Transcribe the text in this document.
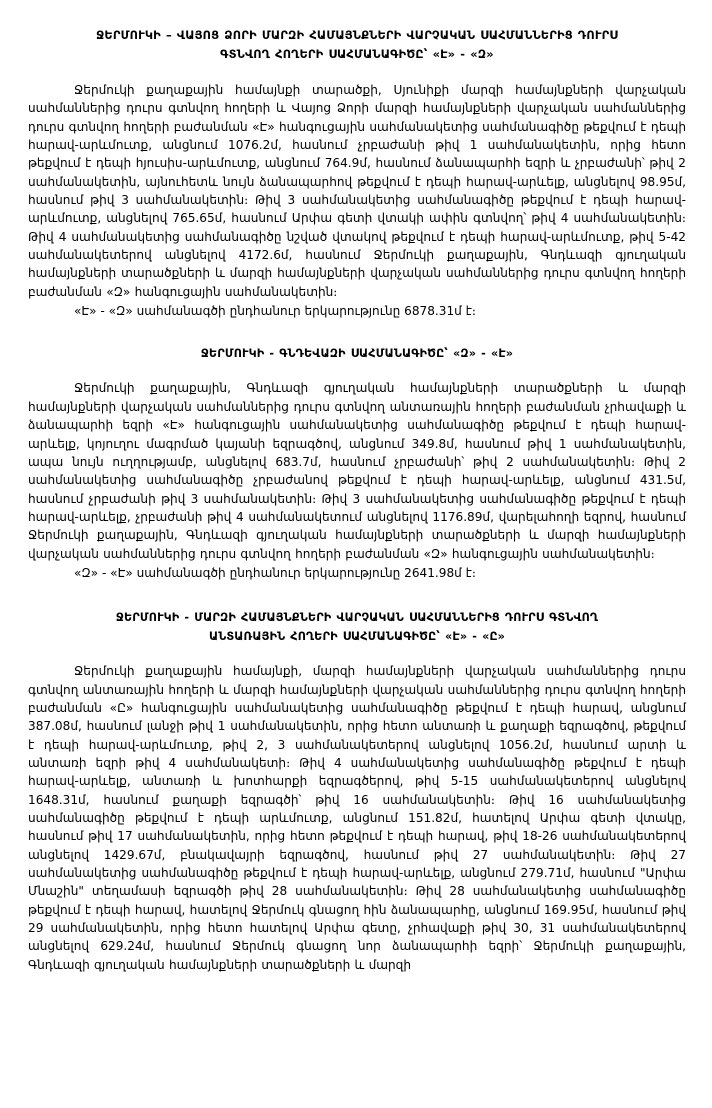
ՋԵՐՄՈՒԿԻ – ՎԱՅՈՑ ՁՈՐԻ ՄԱՐԶԻ ՀԱՄԱՅՆՔՆԵՐԻ ՎԱՐՉԱԿԱՆ ՍԱՀՄԱՆՆԵՐԻՑ ԴՈՒՐՍ
ԳՏՆՎՈՂ ՀՈՂԵՐԻ ՍԱՀՄԱՆԱԳԻԾԸ՝ «Է» - «Զ»

Ջերմուկի քաղաքային համայնքի տարածքի, Սյունիքի մարզի համայնքների վարչական սահմաններից դուրս գտնվող հողերի և Վայոց Ձորի մարզի համայնքների վարչական սահմաններից դուրս գտնվող հողերի բաժանման «Է» հանգուցային սահմանակետից սահմանագիծը թեքվում է դեպի հարավ-արևմուտք, անցնում 1076.2մ, հասնում չրբաժանի թիվ 1 սահմանակետին, որից հետո թեքվում է դեպի հյուսիս-արևմուտք, անցնում 764.9մ, հասնում ձանապարհի եզրի և չրբաժանի՝ թիվ 2 սահմանակետին, այնուհետև նույն ձանապարհով թեքվում է դեպի հարավ-արևելք, անցնելով 98.95մ, հասնում թիվ 3 սահմանակետին։ Թիվ 3 սահմանակետից սահմանագիծը թեքվում է դեպի հարավ-արևմուտք, անցնելով 765.65մ, հասնում Արփա գետի վտակի ափին գտնվող՝ թիվ 4 սահմանակետին։ Թիվ 4 սահմանակետից սահմանագիծը նշված վտակով թեքվում է դեպի հարավ-արևմուտք, թիվ 5-42 սահմանակետերով անցնելով 4172.6մ, հասնում Ջերմուկի քաղաքային, Գնդևազի գյուղական համայնքների տարածքների և մարզի համայնքների վարչական սահմաններից դուրս գտնվող հողերի բաժանման «Զ» հանգուցային սահմանակետին։

«Է» - «Զ» սահմանագծի ընդհանուր երկարությունը 6878.31մ է։

ՋԵՐՄՈՒԿԻ - ԳՆԴԵՎԱԶԻ ՍԱՀՄԱՆԱԳԻԾԸ՝ «Զ» - «Է»

Ջերմուկի քաղաքային, Գնդևազի գյուղական համայնքների տարածքների և մարզի համայնքների վարչական սահմաններից դուրս գտնվող անտառային հողերի բաժանման չրհավաքի և ձանապարհի եզրի «Է» հանգուցային սահմանակետից սահմանագիծը թեքվում է դեպի հարավ-արևելք, կոյուղու մագրմած կայանի եզրագծով, անցնում 349.8մ, հասնում թիվ 1 սահմանակետին, ապա նույն ուղղությամբ, անցնելով 683.7մ, հասնում չրբաժանի՝ թիվ 2 սահմանակետին։ Թիվ 2 սահմանակետից սահմանագիծը չրբաժանով թեքվում է դեպի հարավ-արևելք, անցնում 431.5մ, հասնում չրբաժանի թիվ 3 սահմանակետին։ Թիվ 3 սահմանակետից սահմանագիծը թեքվում է դեպի հարավ-արևելք, չրբաժանի թիվ 4 սահմանակետում անցնելով 1176.89մ, վարելահողի եզրով, հասնում Ջերմուկի քաղաքային, Գնդևազի գյուղական համայնքների տարածքների և մարզի համայնքների վարչական սահմաններից դուրս գտնվող հողերի բաժանման «Զ» հանգուցային սահմանակետին։

«Զ» - «Է» սահմանագծի ընդհանուր երկարությունը 2641.98մ է։

ՋԵՐՄՈՒԿԻ - ՄԱՐԶԻ ՀԱՄԱՅՆՔՆԵՐԻ ՎԱՐՉԱԿԱՆ ՍԱՀՄԱՆՆԵՐԻՑ ԴՈՒՐՍ ԳՏՆՎՈՂ
ԱՆՏԱՌԱՅԻՆ ՀՈՂԵՐԻ ՍԱՀՄԱՆԱԳԻԾԸ՝ «Է» - «Ը»

Ջերմուկի քաղաքային համայնքի, մարզի համայնքների վարչական սահմաններից դուրս գտնվող անտառային հողերի և մարզի համայնքների վարչական սահմաններից դուրս գտնվող հողերի բաժանման «Ը» հանգուցային սահմանակետից սահմանագիծը թեքվում է դեպի հարավ, անցնում 387.08մ, հասնում լանջի թիվ 1 սահմանակետին, որից հետո անտառի և քաղաքի եզրագծով, թեքվում է դեպի հարավ-արևմուտք, թիվ 2, 3 սահմանակետերով անցնելով 1056.2մ, հասնում արտի և անտառի եզրի թիվ 4 սահմանակետի։ Թիվ 4 սահմանակետից սահմանագիծը թեքվում է դեպի հարավ-արևելք, անտառի և խոտհարքի եզրագծերով, թիվ 5-15 սահմանակետերով անցնելով 1648.31մ, հասնում քաղաքի եզրագծի՝ թիվ 16 սահմանակետին։ Թիվ 16 սահմանակետից սահմանագիծը թեքվում է դեպի արևմուտք, անցնում 151.82մ, հատելով Արփա գետի վտակը, հասնում թիվ 17 սահմանակետին, որից հետո թեքվում է դեպի հարավ, թիվ 18-26 սահմանակետերով անցնելով 1429.67մ, բնակավայրի եզրագծով, հասնում թիվ 27 սահմանակետին։ Թիվ 27 սահմանակետից սահմանագիծը թեքվում է դեպի հարավ-արևելք, անցնում 279.71մ, հասնում "Արփա Մնաշին" տեղամասի եզրագծի թիվ 28 սահմանակետին։ Թիվ 28 սահմանակետից սահմանագիծը թեքվում է դեպի հարավ, հատելով Ջերմուկ գնացող հին ձանապարհը, անցնում 169.95մ, հասնում թիվ 29 սահմանակետին, որից հետո հատելով Արփա գետը, չրհավաքի թիվ 30, 31 սահմանակետերով անցնելով 629.24մ, հասնում Ջերմուկ գնացող նոր ձանապարհի եզրի՝ Ջերմուկի քաղաքային, Գնդևազի գյուղական համայնքների տարածքների և մարզի
